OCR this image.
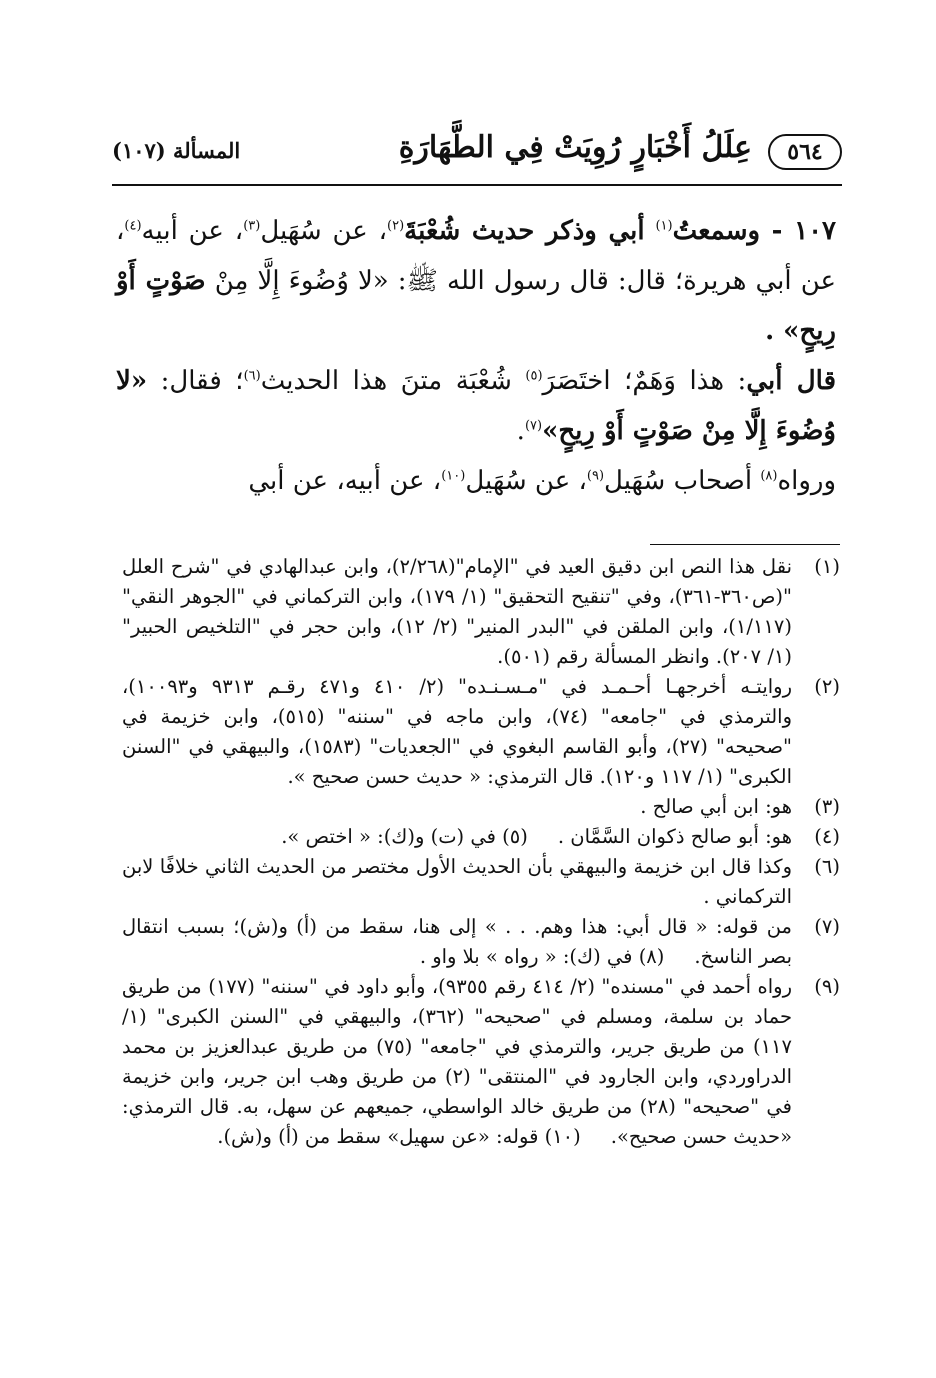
٥٦٤
عِلَلُ أَخْبَارٍ رُوِيَتْ فِي الطَّهَارَةِ
المسألة (١٠٧)

١٠٧ - وسمعتُ$^{(١)}$ أبي وذكر حديث شُعْبَةَ$^{(٢)}$، عن سُهَيل$^{(٣)}$، عن أبيه$^{(٤)}$، عن أبي هريرة؛ قال: قال رسول الله ﷺ: «لا وُضُوءَ إِلَّا مِنْ صَوْتٍ أَوْ رِيحٍ» .

قال أبي: هذا وَهَمٌ؛ اختَصَرَ$^{(٥)}$ شُعْبَة متنَ هذا الحديث$^{(٦)}$؛ فقال: «لا وُضُوءَ إِلَّا مِنْ صَوْتٍ أَوْ رِيحٍ»$^{(٧)}$.

ورواه$^{(٨)}$ أصحاب سُهَيل$^{(٩)}$، عن سُهَيل$^{(١٠)}$، عن أبيه، عن أبي

(١)
نقل هذا النص ابن دقيق العيد في "الإمام"(٢/٢٦٨)، وابن عبدالهادي في "شرح العلل "(ص٣٦٠-٣٦١)، وفي "تنقيح التحقيق" (١/ ١٧٩)، وابن التركماني في "الجوهر النقي" (١/١١٧)، وابن الملقن في "البدر المنير" (٢/ ١٢)، وابن حجر في "التلخيص الحبير" (١/ ٢٠٧). وانظر المسألة رقم (٥٠١).
(٢)
روايتـه أخرجهـا أحـمـد في "مـسـنـده" (٢/ ٤١٠ و٤٧١ رقـم ٩٣١٣ و١٠٠٩٣)، والترمذي في "جامعه" (٧٤)، وابن ماجه في "سننه" (٥١٥)، وابن خزيمة في "صحيحه" (٢٧)، وأبو القاسم البغوي في "الجعديات" (١٥٨٣)، والبيهقي في "السنن الكبرى" (١/ ١١٧ و١٢٠). قال الترمذي: « حديث حسن صحيح ».
(٣)
هو: ابن أبي صالح .
(٤)
هو: أبو صالح ذكوان السَّمَّان .(٥) في (ت) و(ك): « اختص ».
(٦)
وكذا قال ابن خزيمة والبيهقي بأن الحديث الأول مختصر من الحديث الثاني خلافًا لابن التركماني .
(٧)
من قوله: « قال أبي: هذا وهم. . . » إلى هنا، سقط من (أ) و(ش)؛ بسبب انتقال بصر الناسخ.(٨) في (ك): « رواه » بلا واو .
(٩)
رواه أحمد في "مسنده" (٢/ ٤١٤ رقم ٩٣٥٥)، وأبو داود في "سننه" (١٧٧) من طريق حماد بن سلمة، ومسلم في "صحيحه" (٣٦٢)، والبيهقي في "السنن الكبرى" (١/ ١١٧) من طريق جرير، والترمذي في "جامعه" (٧٥) من طريق عبدالعزيز بن محمد الدراوردي، وابن الجارود في "المنتقى" (٢) من طريق وهب ابن جرير، وابن خزيمة في "صحيحه" (٢٨) من طريق خالد الواسطي، جميعهم عن سهل، به. قال الترمذي: «حديث حسن صحيح».(١٠) قوله: «عن سهيل» سقط من (أ) و(ش).
